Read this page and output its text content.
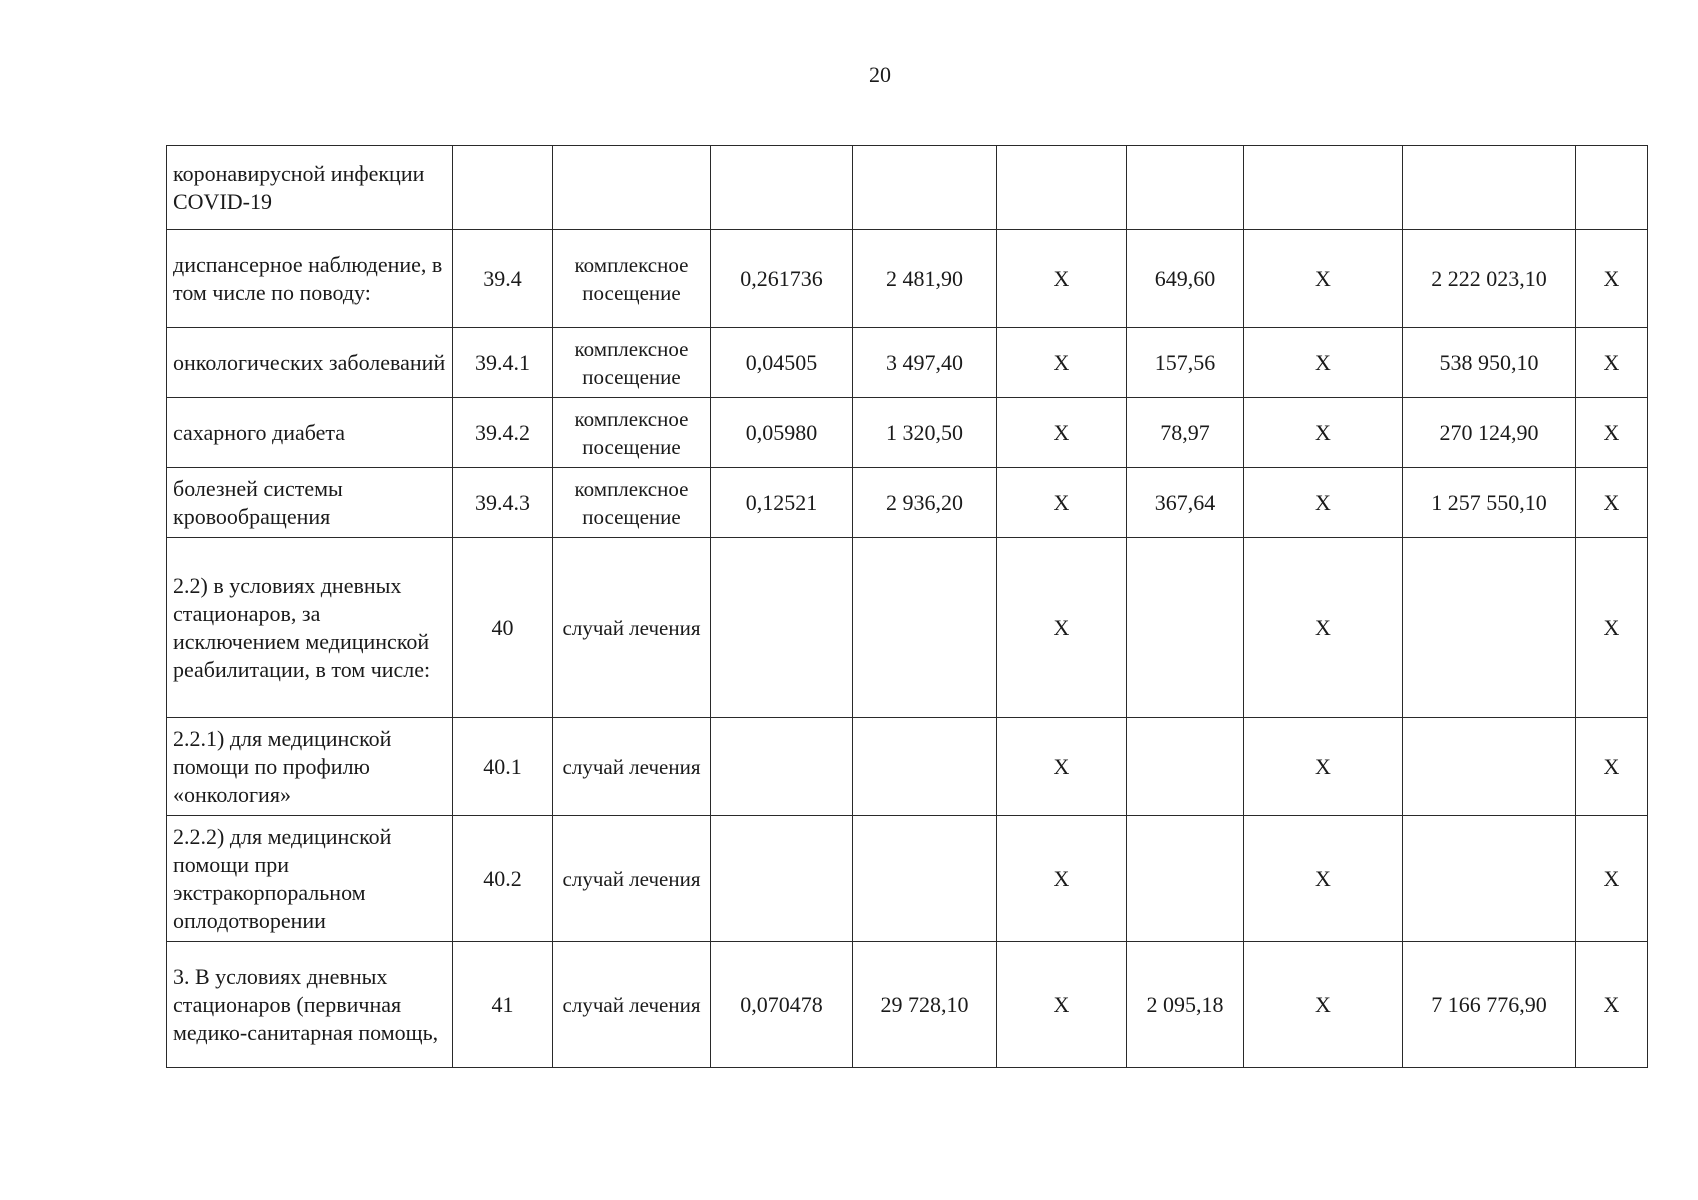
20
коронавирусной инфекции COVID-19									
диспансерное наблюдение, в том числе по поводу:	39.4	комплексное посещение	0,261736	2 481,90	X	649,60	X	2 222 023,10	X
онкологических заболеваний	39.4.1	комплексное посещение	0,04505	3 497,40	X	157,56	X	538 950,10	X
сахарного диабета	39.4.2	комплексное посещение	0,05980	1 320,50	X	78,97	X	270 124,90	X
болезней системы кровообращения	39.4.3	комплексное посещение	0,12521	2 936,20	X	367,64	X	1 257 550,10	X
2.2) в условиях дневных стационаров, за исключением медицинской реабилитации, в том числе:	40	случай лечения			X		X		X
2.2.1) для медицинской помощи по профилю «онкология»	40.1	случай лечения			X		X		X
2.2.2) для медицинской помощи при экстракорпоральном оплодотворении	40.2	случай лечения			X		X		X
3. В условиях дневных стационаров (первичная медико-санитарная помощь,	41	случай лечения	0,070478	29 728,10	X	2 095,18	X	7 166 776,90	X
